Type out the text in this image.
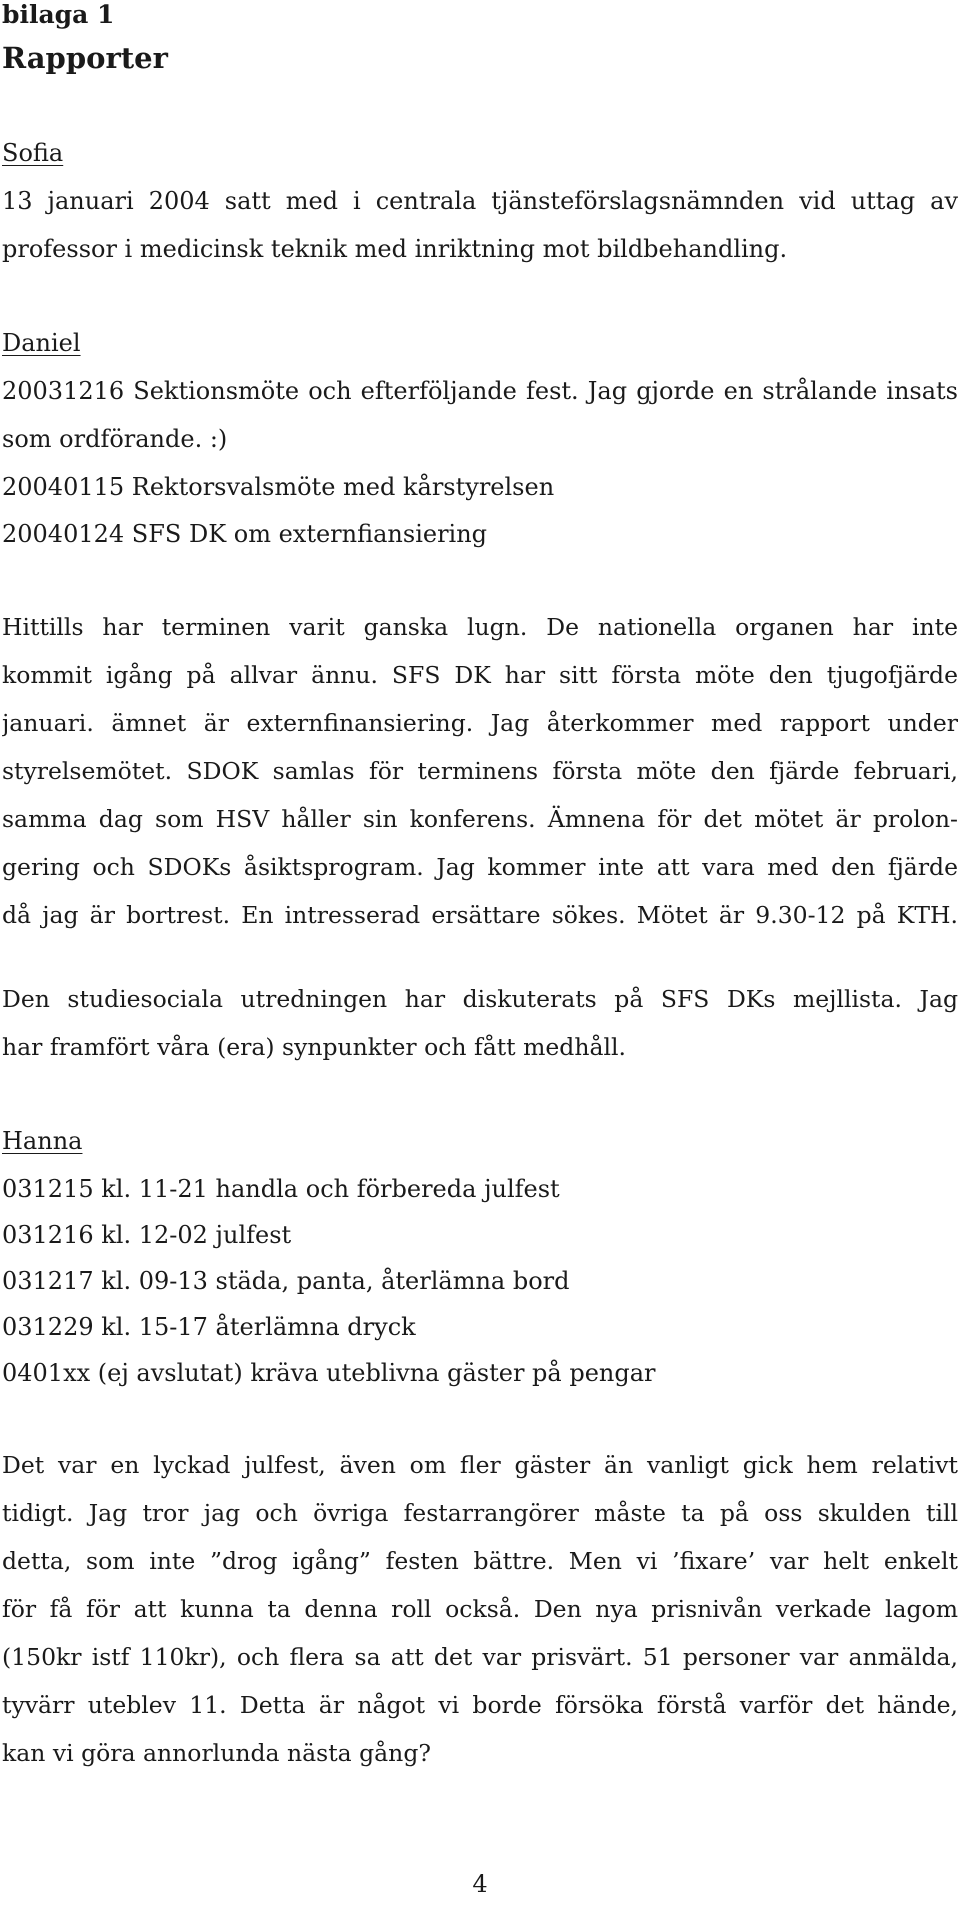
bilaga 1
Rapporter
Sofia
13 januari 2004 satt med i centrala tjänsteförslagsnämnden vid uttag av
professor i medicinsk teknik med inriktning mot bildbehandling.
Daniel
20031216 Sektionsmöte och efterföljande fest. Jag gjorde en strålande insats
som ordförande. :)
20040115 Rektorsvalsmöte med kårstyrelsen
20040124 SFS DK om externfiansiering
Hittills har terminen varit ganska lugn. De nationella organen har inte
kommit igång på allvar ännu. SFS DK har sitt första möte den tjugofjärde
januari. ämnet är externfinansiering. Jag återkommer med rapport under
styrelsemötet. SDOK samlas för terminens första möte den fjärde februari,
samma dag som HSV håller sin konferens. Ämnena för det mötet är prolon-
gering och SDOKs åsiktsprogram. Jag kommer inte att vara med den fjärde
då jag är bortrest. En intresserad ersättare sökes. Mötet är 9.30-12 på KTH.
Den studiesociala utredningen har diskuterats på SFS DKs mejllista. Jag
har framfört våra (era) synpunkter och fått medhåll.
Hanna
031215 kl. 11-21 handla och förbereda julfest
031216 kl. 12-02 julfest
031217 kl. 09-13 städa, panta, återlämna bord
031229 kl. 15-17 återlämna dryck
0401xx (ej avslutat) kräva uteblivna gäster på pengar
Det var en lyckad julfest, även om fler gäster än vanligt gick hem relativt
tidigt. Jag tror jag och övriga festarrangörer måste ta på oss skulden till
detta, som inte ”drog igång” festen bättre. Men vi ’fixare’ var helt enkelt
för få för att kunna ta denna roll också. Den nya prisnivån verkade lagom
(150kr istf 110kr), och flera sa att det var prisvärt. 51 personer var anmälda,
tyvärr uteblev 11. Detta är något vi borde försöka förstå varför det hände,
kan vi göra annorlunda nästa gång?
4
